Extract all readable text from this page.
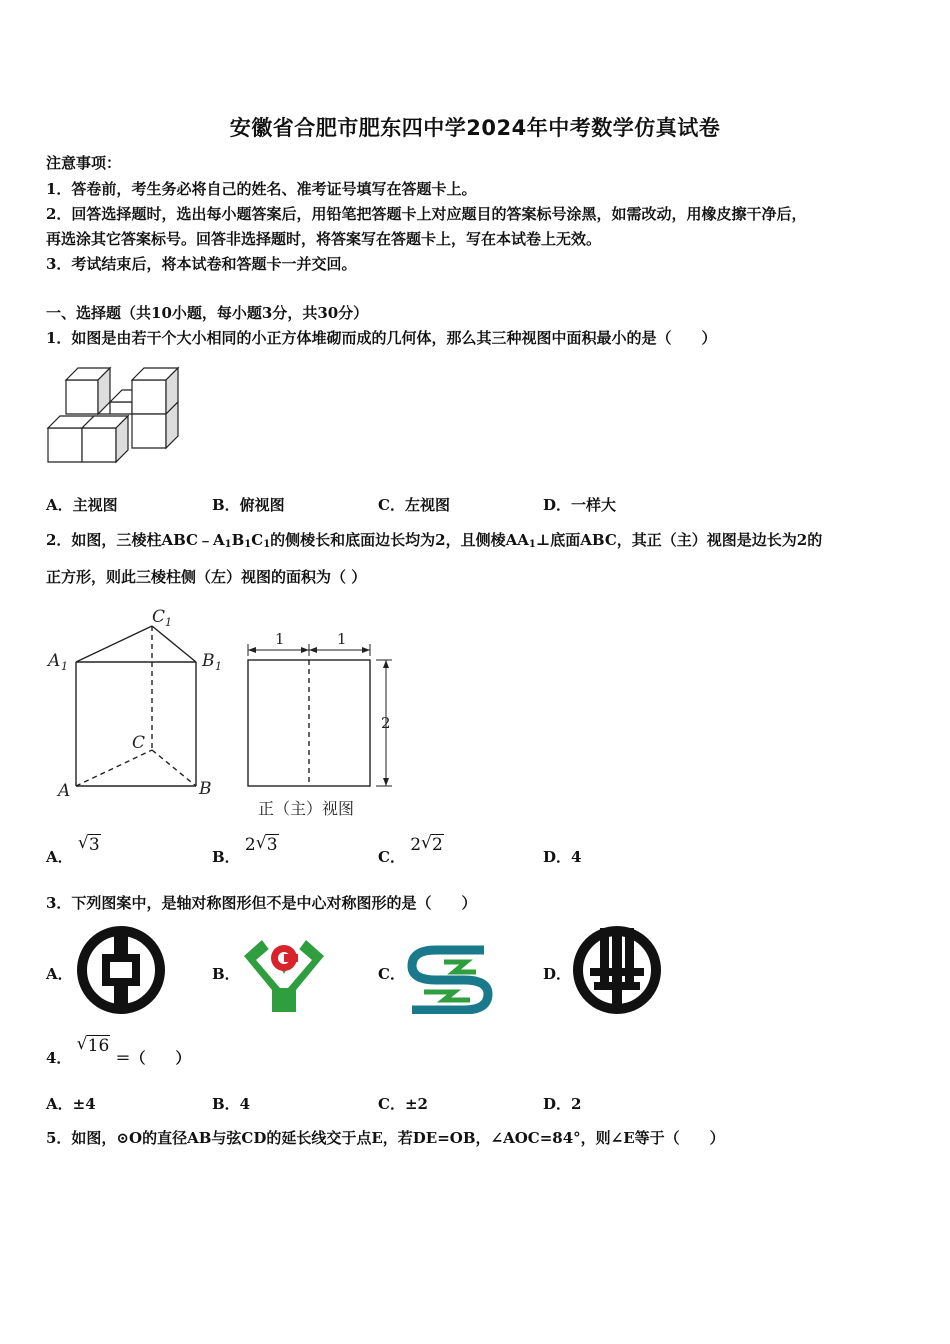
安徽省合肥市肥东四中学2024年中考数学仿真试卷
注意事项：
1．答卷前，考生务必将自己的姓名、准考证号填写在答题卡上。
2．回答选择题时，选出每小题答案后，用铅笔把答题卡上对应题目的答案标号涂黑，如需改动，用橡皮擦干净后，
再选涂其它答案标号。回答非选择题时，将答案写在答题卡上，写在本试卷上无效。
3．考试结束后，将本试卷和答题卡一并交回。
一、选择题（共10小题，每小题3分，共30分）
1．如图是由若干个大小相同的小正方体堆砌而成的几何体，那么其三种视图中面积最小的是（　　）
A．主视图	B．俯视图	C．左视图	D．一样大
2．如图，三棱柱$ABC﹣A_1B_1C_1$的侧棱长和底面边长均为2，且侧棱$AA_1\perp$底面ABC，其正（主）视图是边长为2的
正方形，则此三棱柱侧（左）视图的面积为（ ）
A 1
C 1
B 1
C
A	B
1	1
2
正（主）视图
A．
√ 3
B． 2 √ 3
C． 2 √ 2
D．4
3．下列图案中，是轴对称图形但不是中心对称图形的是（　　）
A．	B．	C．	D．
4．
√ 16 ＝（　　）
A．±4	B．4	C．±2	D．2
5．如图，⊙O的直径AB与弦CD的延长线交于点E，若DE=OB，∠AOC=84°，则∠E等于（　　）
